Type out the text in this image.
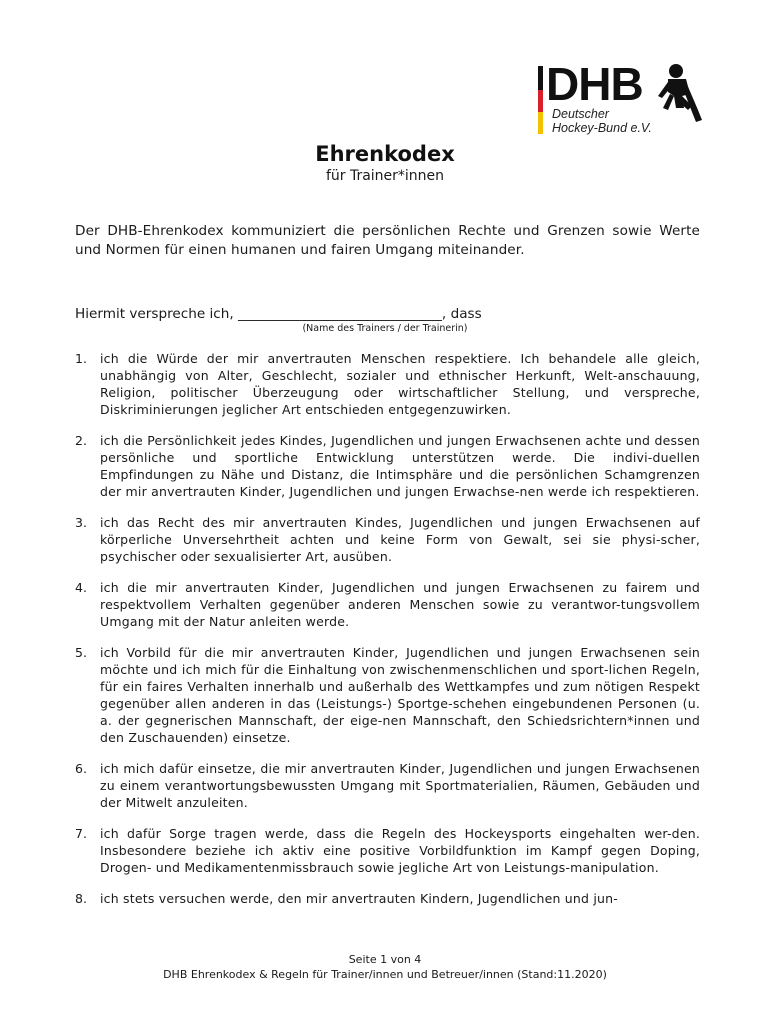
DHB
Deutscher
Hockey-Bund e.V.
Ehrenkodex
für Trainer*innen
Der DHB-Ehrenkodex kommuniziert die persönlichen Rechte und Grenzen sowie Werte und Normen für einen humanen und fairen Umgang miteinander.
Hiermit verspreche ich, ______________________________, dass
(Name des Trainers / der Trainerin)
1. ich die Würde der mir anvertrauten Menschen respektiere. Ich behandele alle gleich, unabhängig von Alter, Geschlecht, sozialer und ethnischer Herkunft, Welt-anschauung, Religion, politischer Überzeugung oder wirtschaftlicher Stellung, und verspreche, Diskriminierungen jeglicher Art entschieden entgegenzuwirken.
2. ich die Persönlichkeit jedes Kindes, Jugendlichen und jungen Erwachsenen achte und dessen persönliche und sportliche Entwicklung unterstützen werde. Die indivi-duellen Empfindungen zu Nähe und Distanz, die Intimsphäre und die persönlichen Schamgrenzen der mir anvertrauten Kinder, Jugendlichen und jungen Erwachse-nen werde ich respektieren.
3. ich das Recht des mir anvertrauten Kindes, Jugendlichen und jungen Erwachsenen auf körperliche Unversehrtheit achten und keine Form von Gewalt, sei sie physi-scher, psychischer oder sexualisierter Art, ausüben.
4. ich die mir anvertrauten Kinder, Jugendlichen und jungen Erwachsenen zu fairem und respektvollem Verhalten gegenüber anderen Menschen sowie zu verantwor-tungsvollem Umgang mit der Natur anleiten werde.
5. ich Vorbild für die mir anvertrauten Kinder, Jugendlichen und jungen Erwachsenen sein möchte und ich mich für die Einhaltung von zwischenmenschlichen und sport-lichen Regeln, für ein faires Verhalten innerhalb und außerhalb des Wettkampfes und zum nötigen Respekt gegenüber allen anderen in das (Leistungs-) Sportge-schehen eingebundenen Personen (u. a. der gegnerischen Mannschaft, der eige-nen Mannschaft, den Schiedsrichtern*innen und den Zuschauenden) einsetze.
6. ich mich dafür einsetze, die mir anvertrauten Kinder, Jugendlichen und jungen Erwachsenen zu einem verantwortungsbewussten Umgang mit Sportmaterialien, Räumen, Gebäuden und der Mitwelt anzuleiten.
7. ich dafür Sorge tragen werde, dass die Regeln des Hockeysports eingehalten wer-den. Insbesondere beziehe ich aktiv eine positive Vorbildfunktion im Kampf gegen Doping, Drogen- und Medikamentenmissbrauch sowie jegliche Art von Leistungs-manipulation.
8. ich stets versuchen werde, den mir anvertrauten Kindern, Jugendlichen und jun-
Seite 1 von 4
DHB Ehrenkodex & Regeln für Trainer/innen und Betreuer/innen (Stand:11.2020)
